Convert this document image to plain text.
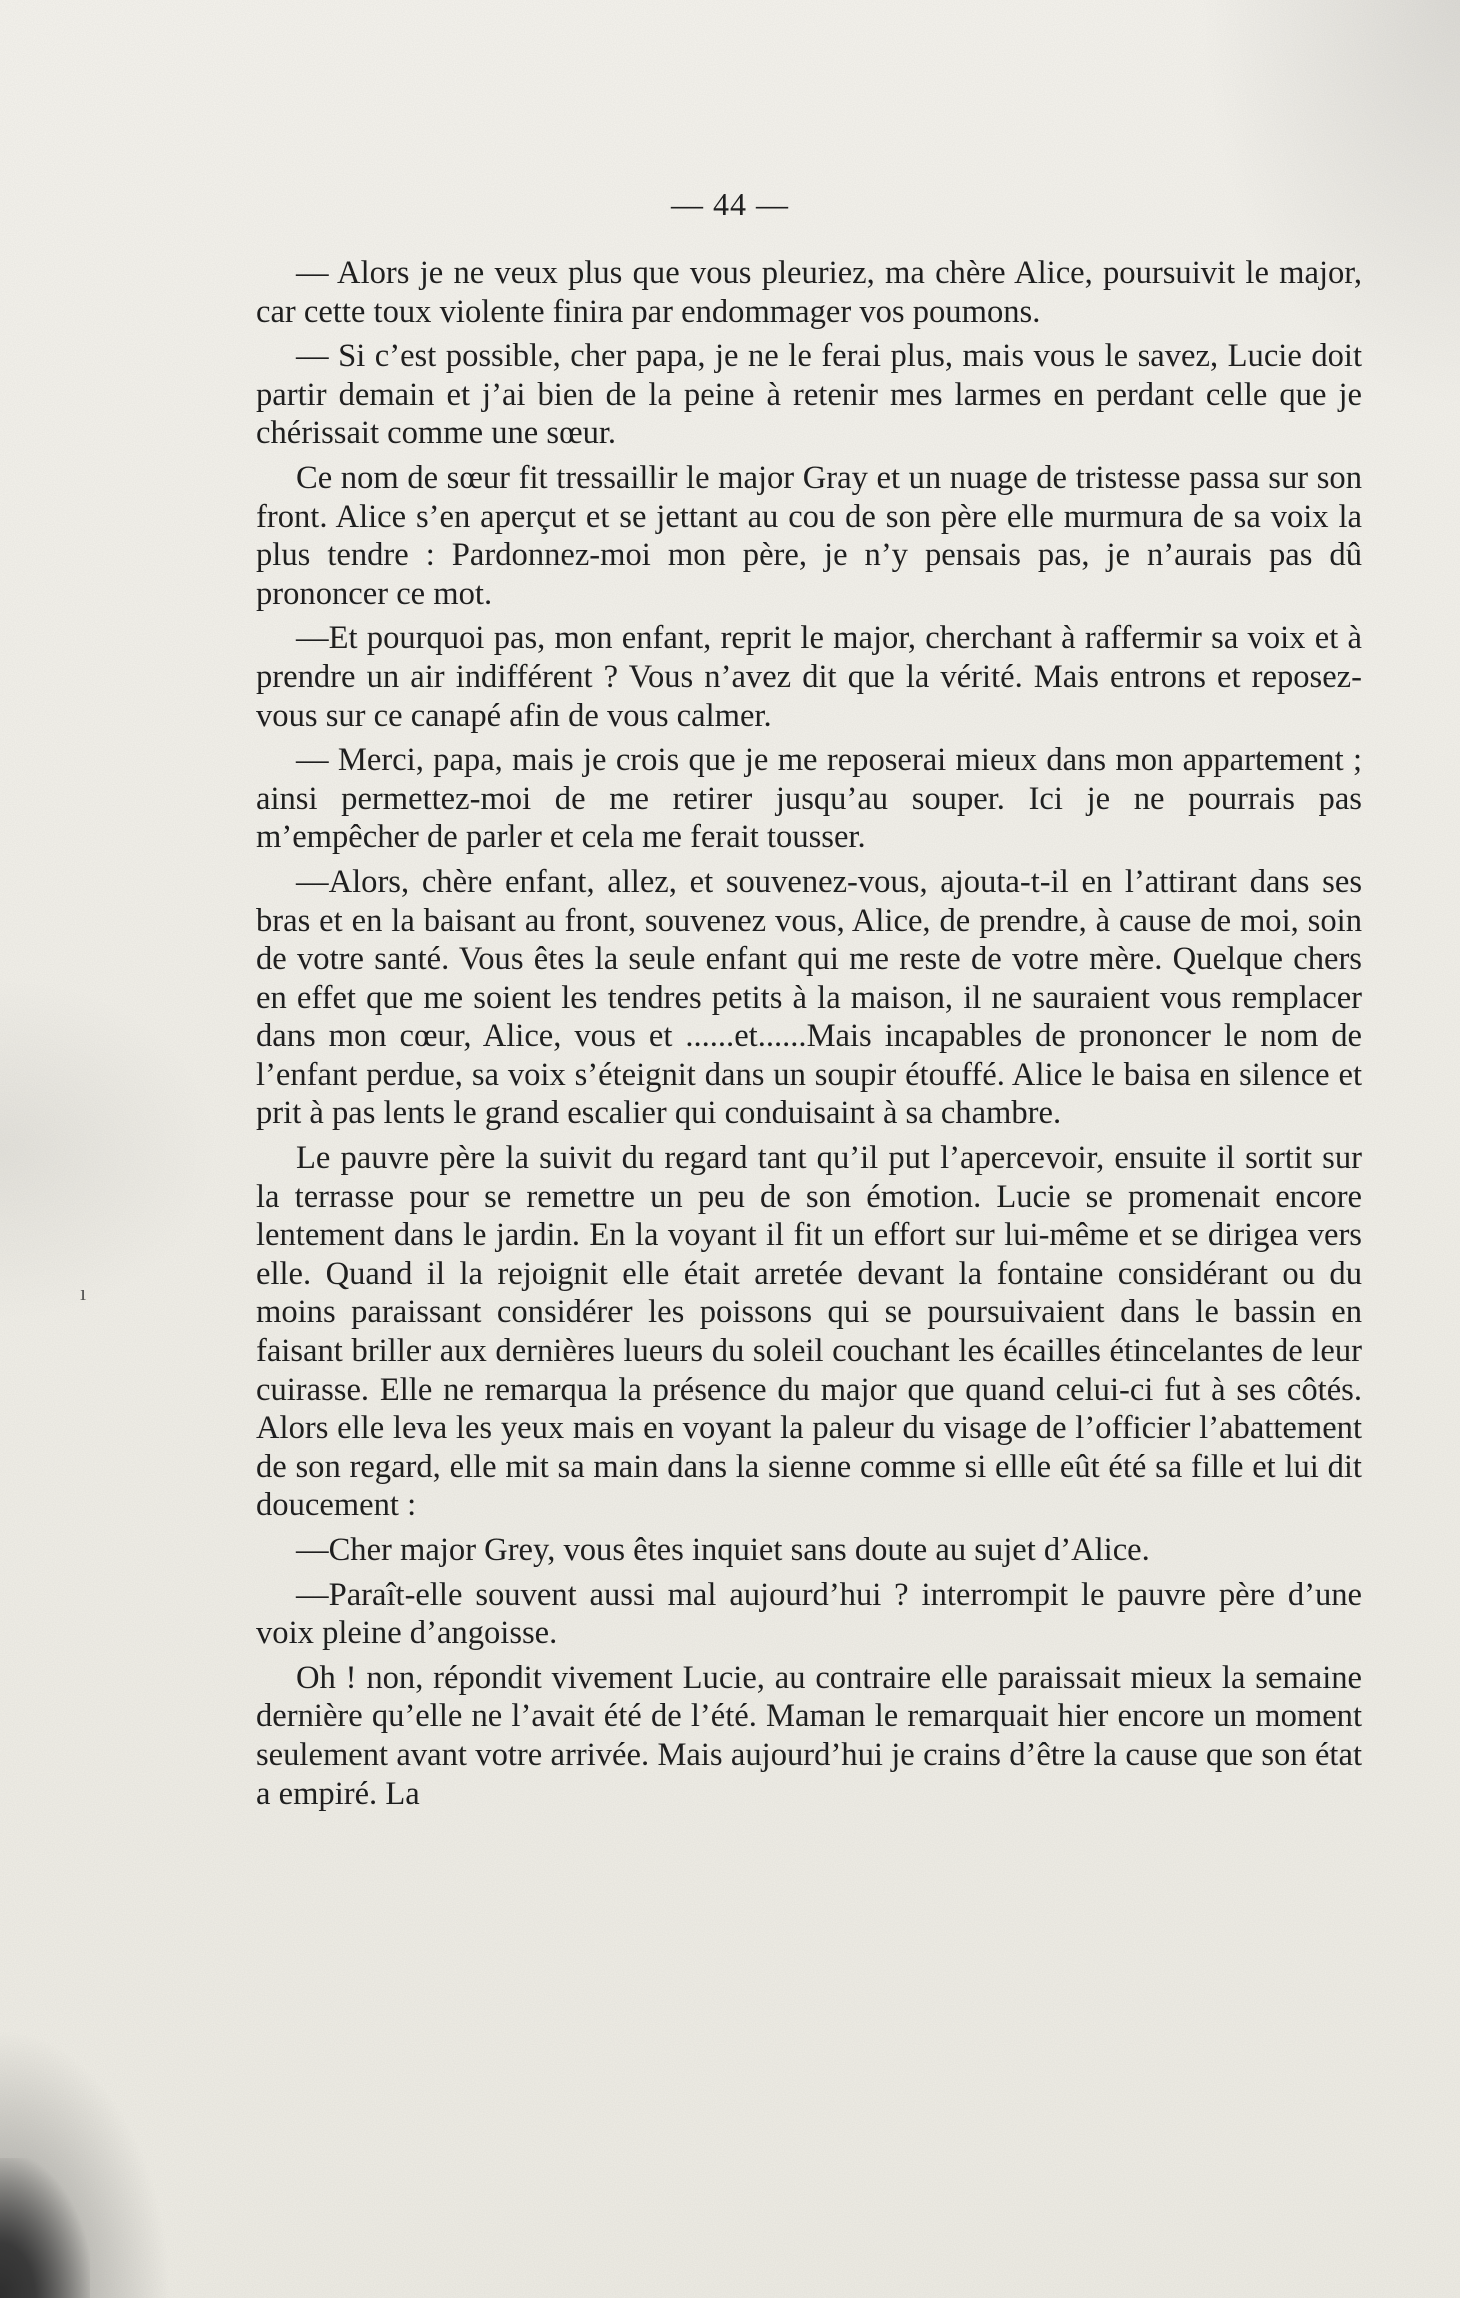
ı
— 44 —

— Alors je ne veux plus que vous pleuriez, ma chère Alice, poursuivit le major, car cette toux violente finira par endommager vos poumons.

— Si c’est possible, cher papa, je ne le ferai plus, mais vous le savez, Lucie doit partir demain et j’ai bien de la peine à retenir mes larmes en perdant celle que je chérissait comme une sœur.

Ce nom de sœur fit tressaillir le major Gray et un nuage de tristesse passa sur son front. Alice s’en aperçut et se jettant au cou de son père elle murmura de sa voix la plus tendre : Pardonnez-moi mon père, je n’y pensais pas, je n’aurais pas dû prononcer ce mot.

—Et pourquoi pas, mon enfant, reprit le major, cherchant à raffermir sa voix et à prendre un air indifférent ? Vous n’avez dit que la vérité. Mais entrons et reposez-vous sur ce canapé afin de vous calmer.

— Merci, papa, mais je crois que je me reposerai mieux dans mon appartement ; ainsi permettez-moi de me retirer jusqu’au souper. Ici je ne pourrais pas m’empêcher de parler et cela me ferait tousser.

—Alors, chère enfant, allez, et souvenez-vous, ajouta-t-il en l’attirant dans ses bras et en la baisant au front, souvenez vous, Alice, de prendre, à cause de moi, soin de votre santé. Vous êtes la seule enfant qui me reste de votre mère. Quelque chers en effet que me soient les tendres petits à la maison, il ne sauraient vous remplacer dans mon cœur, Alice, vous et ......et......Mais incapables de prononcer le nom de l’enfant perdue, sa voix s’éteignit dans un soupir étouffé. Alice le baisa en silence et prit à pas lents le grand escalier qui conduisaint à sa chambre.

Le pauvre père la suivit du regard tant qu’il put l’apercevoir, ensuite il sortit sur la terrasse pour se remettre un peu de son émotion. Lucie se promenait encore lentement dans le jardin. En la voyant il fit un effort sur lui-même et se dirigea vers elle. Quand il la rejoignit elle était arretée devant la fontaine considérant ou du moins paraissant considérer les poissons qui se poursuivaient dans le bassin en faisant briller aux dernières lueurs du soleil couchant les écailles étincelantes de leur cuirasse. Elle ne remarqua la présence du major que quand celui-ci fut à ses côtés. Alors elle leva les yeux mais en voyant la paleur du visage de l’officier l’abattement de son regard, elle mit sa main dans la sienne comme si ellle eût été sa fille et lui dit doucement :

—Cher major Grey, vous êtes inquiet sans doute au sujet d’Alice.

—Paraît-elle souvent aussi mal aujourd’hui ? interrompit le pauvre père d’une voix pleine d’angoisse.

Oh ! non, répondit vivement Lucie, au contraire elle paraissait mieux la semaine dernière qu’elle ne l’avait été de l’été. Maman le remarquait hier encore un moment seulement avant votre arrivée. Mais aujourd’hui je crains d’être la cause que son état a empiré. La
